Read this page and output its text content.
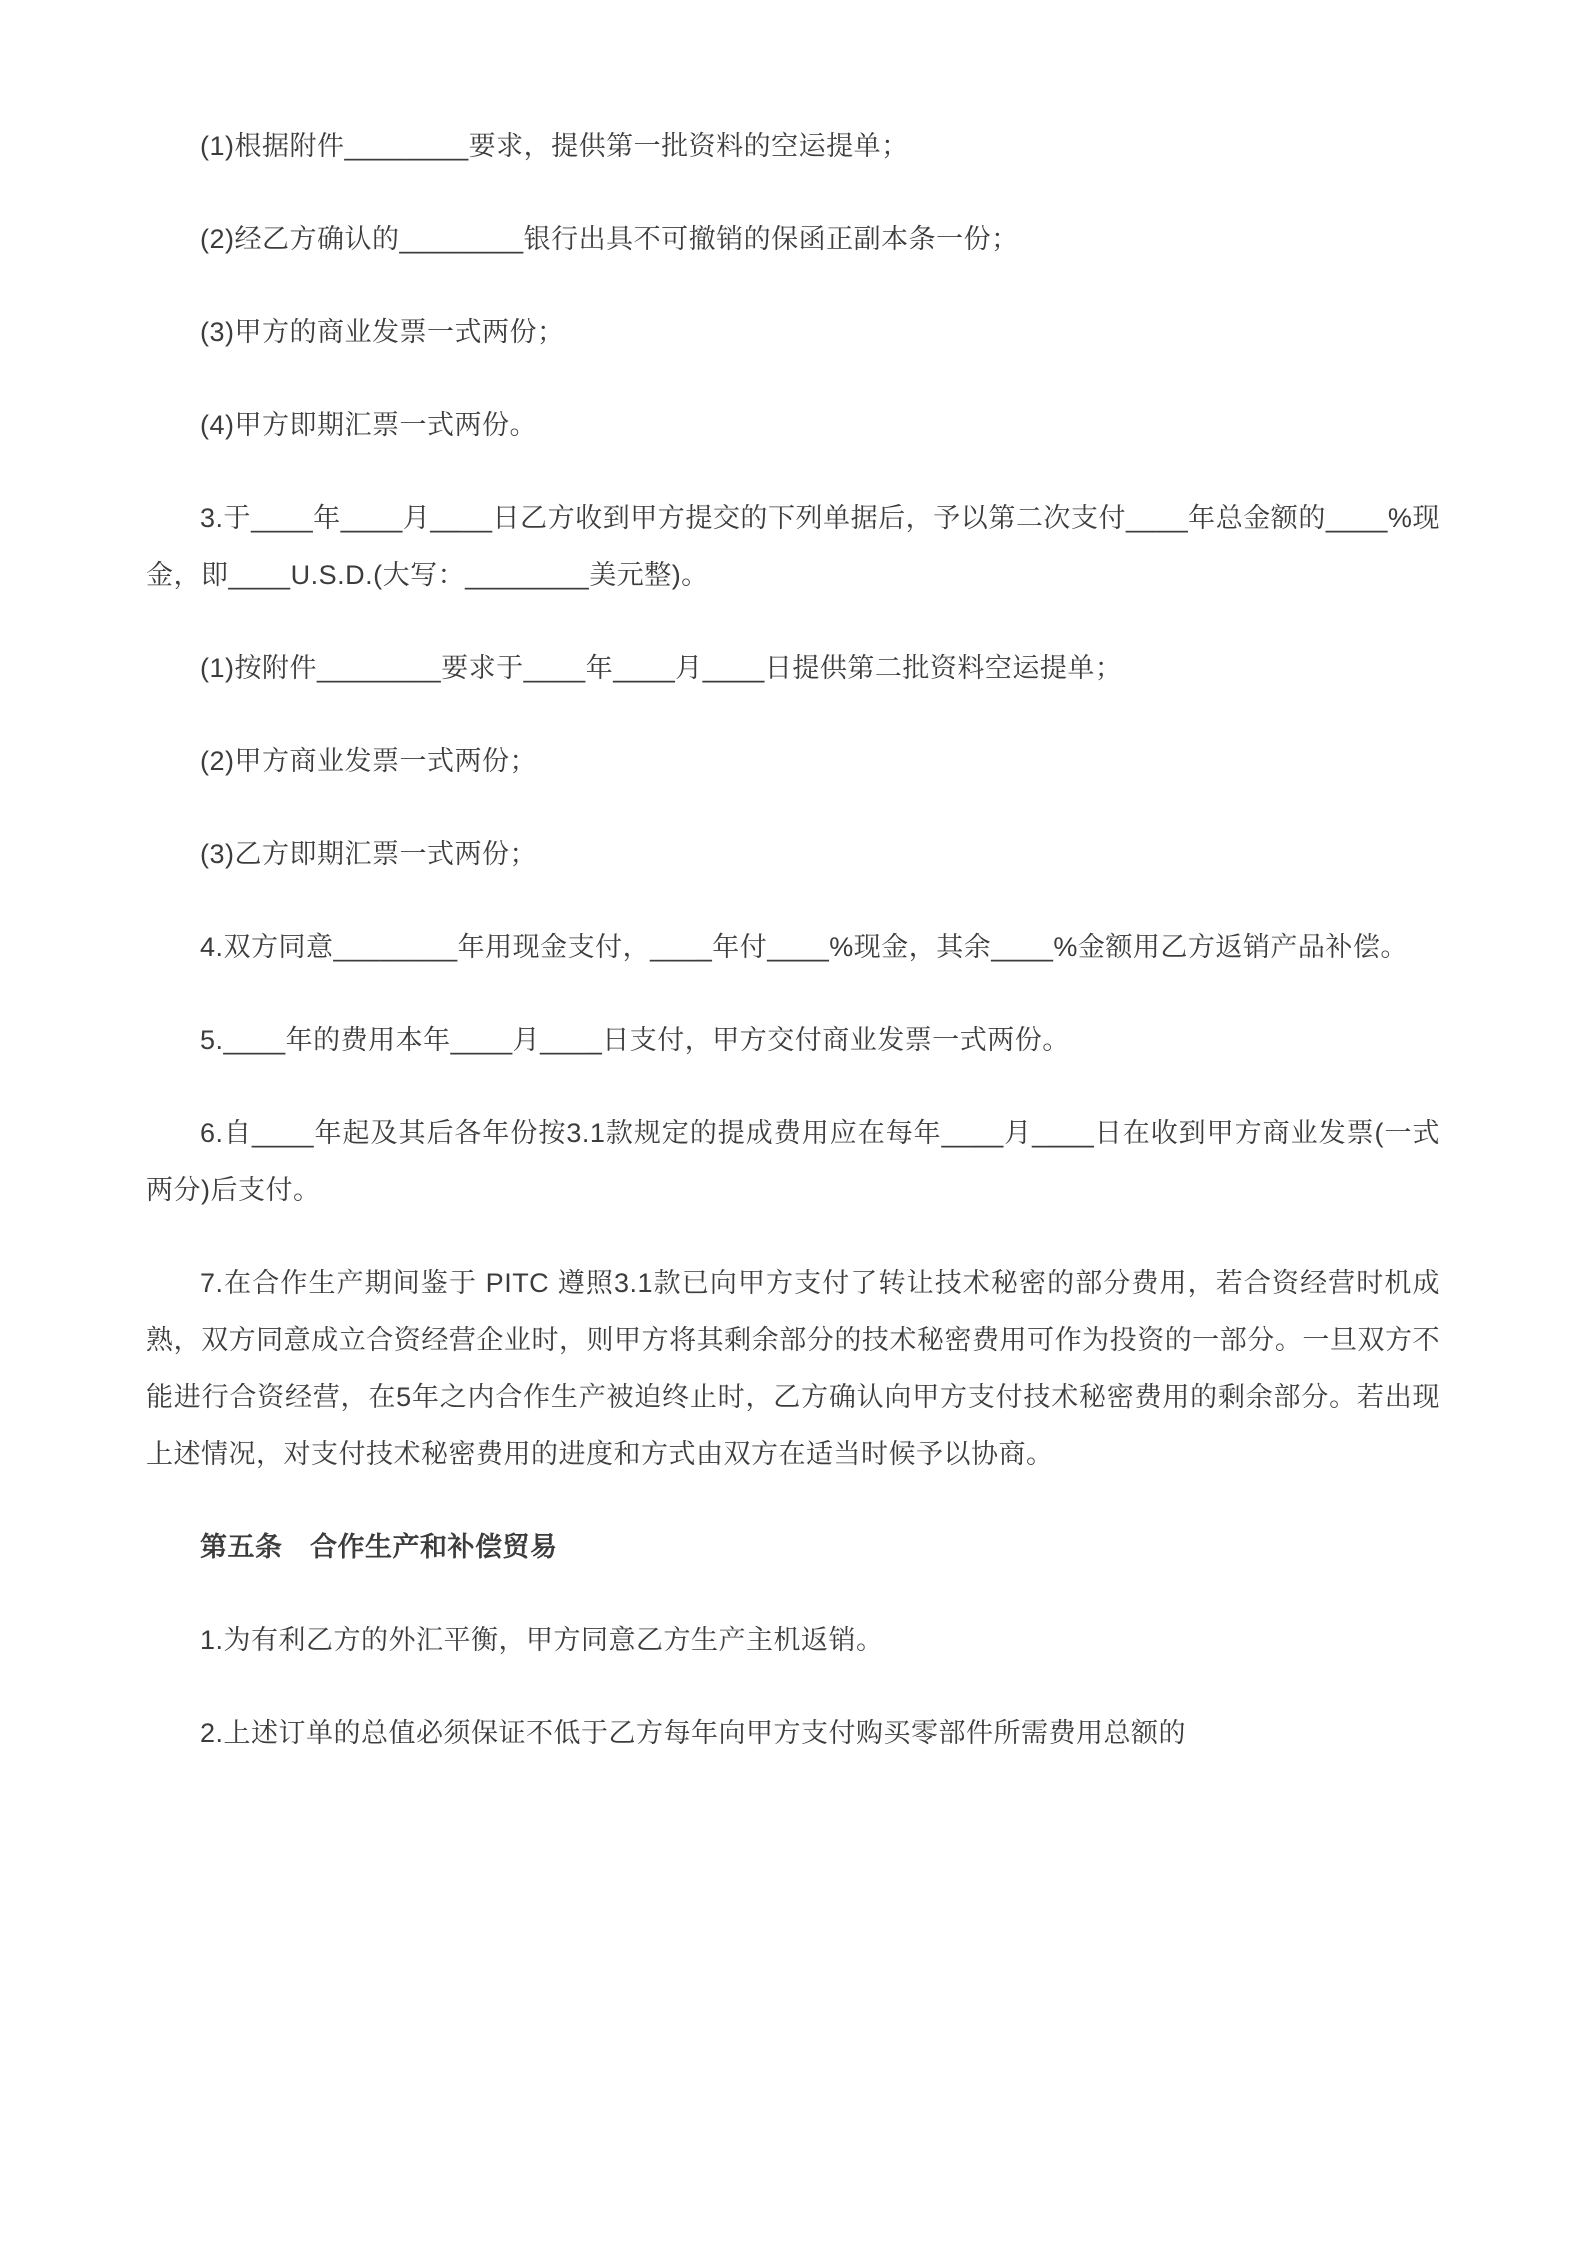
(1)根据附件________要求，提供第一批资料的空运提单；

(2)经乙方确认的________银行出具不可撤销的保函正副本条一份；

(3)甲方的商业发票一式两份；

(4)甲方即期汇票一式两份。

3.于____年____月____日乙方收到甲方提交的下列单据后，予以第二次支付____年总金额的____%现金，即____U.S.D.(大写：________美元整)。

(1)按附件________要求于____年____月____日提供第二批资料空运提单；

(2)甲方商业发票一式两份；

(3)乙方即期汇票一式两份；

4.双方同意________年用现金支付，____年付____%现金，其余____%金额用乙方返销产品补偿。

5.____年的费用本年____月____日支付，甲方交付商业发票一式两份。

6.自____年起及其后各年份按3.1款规定的提成费用应在每年____月____日在收到甲方商业发票(一式两分)后支付。

7.在合作生产期间鉴于 PITC 遵照3.1款已向甲方支付了转让技术秘密的部分费用，若合资经营时机成熟，双方同意成立合资经营企业时，则甲方将其剩余部分的技术秘密费用可作为投资的一部分。一旦双方不能进行合资经营，在5年之内合作生产被迫终止时，乙方确认向甲方支付技术秘密费用的剩余部分。若出现上述情况，对支付技术秘密费用的进度和方式由双方在适当时候予以协商。

第五条　合作生产和补偿贸易

1.为有利乙方的外汇平衡，甲方同意乙方生产主机返销。

2.上述订单的总值必须保证不低于乙方每年向甲方支付购买零部件所需费用总额的
